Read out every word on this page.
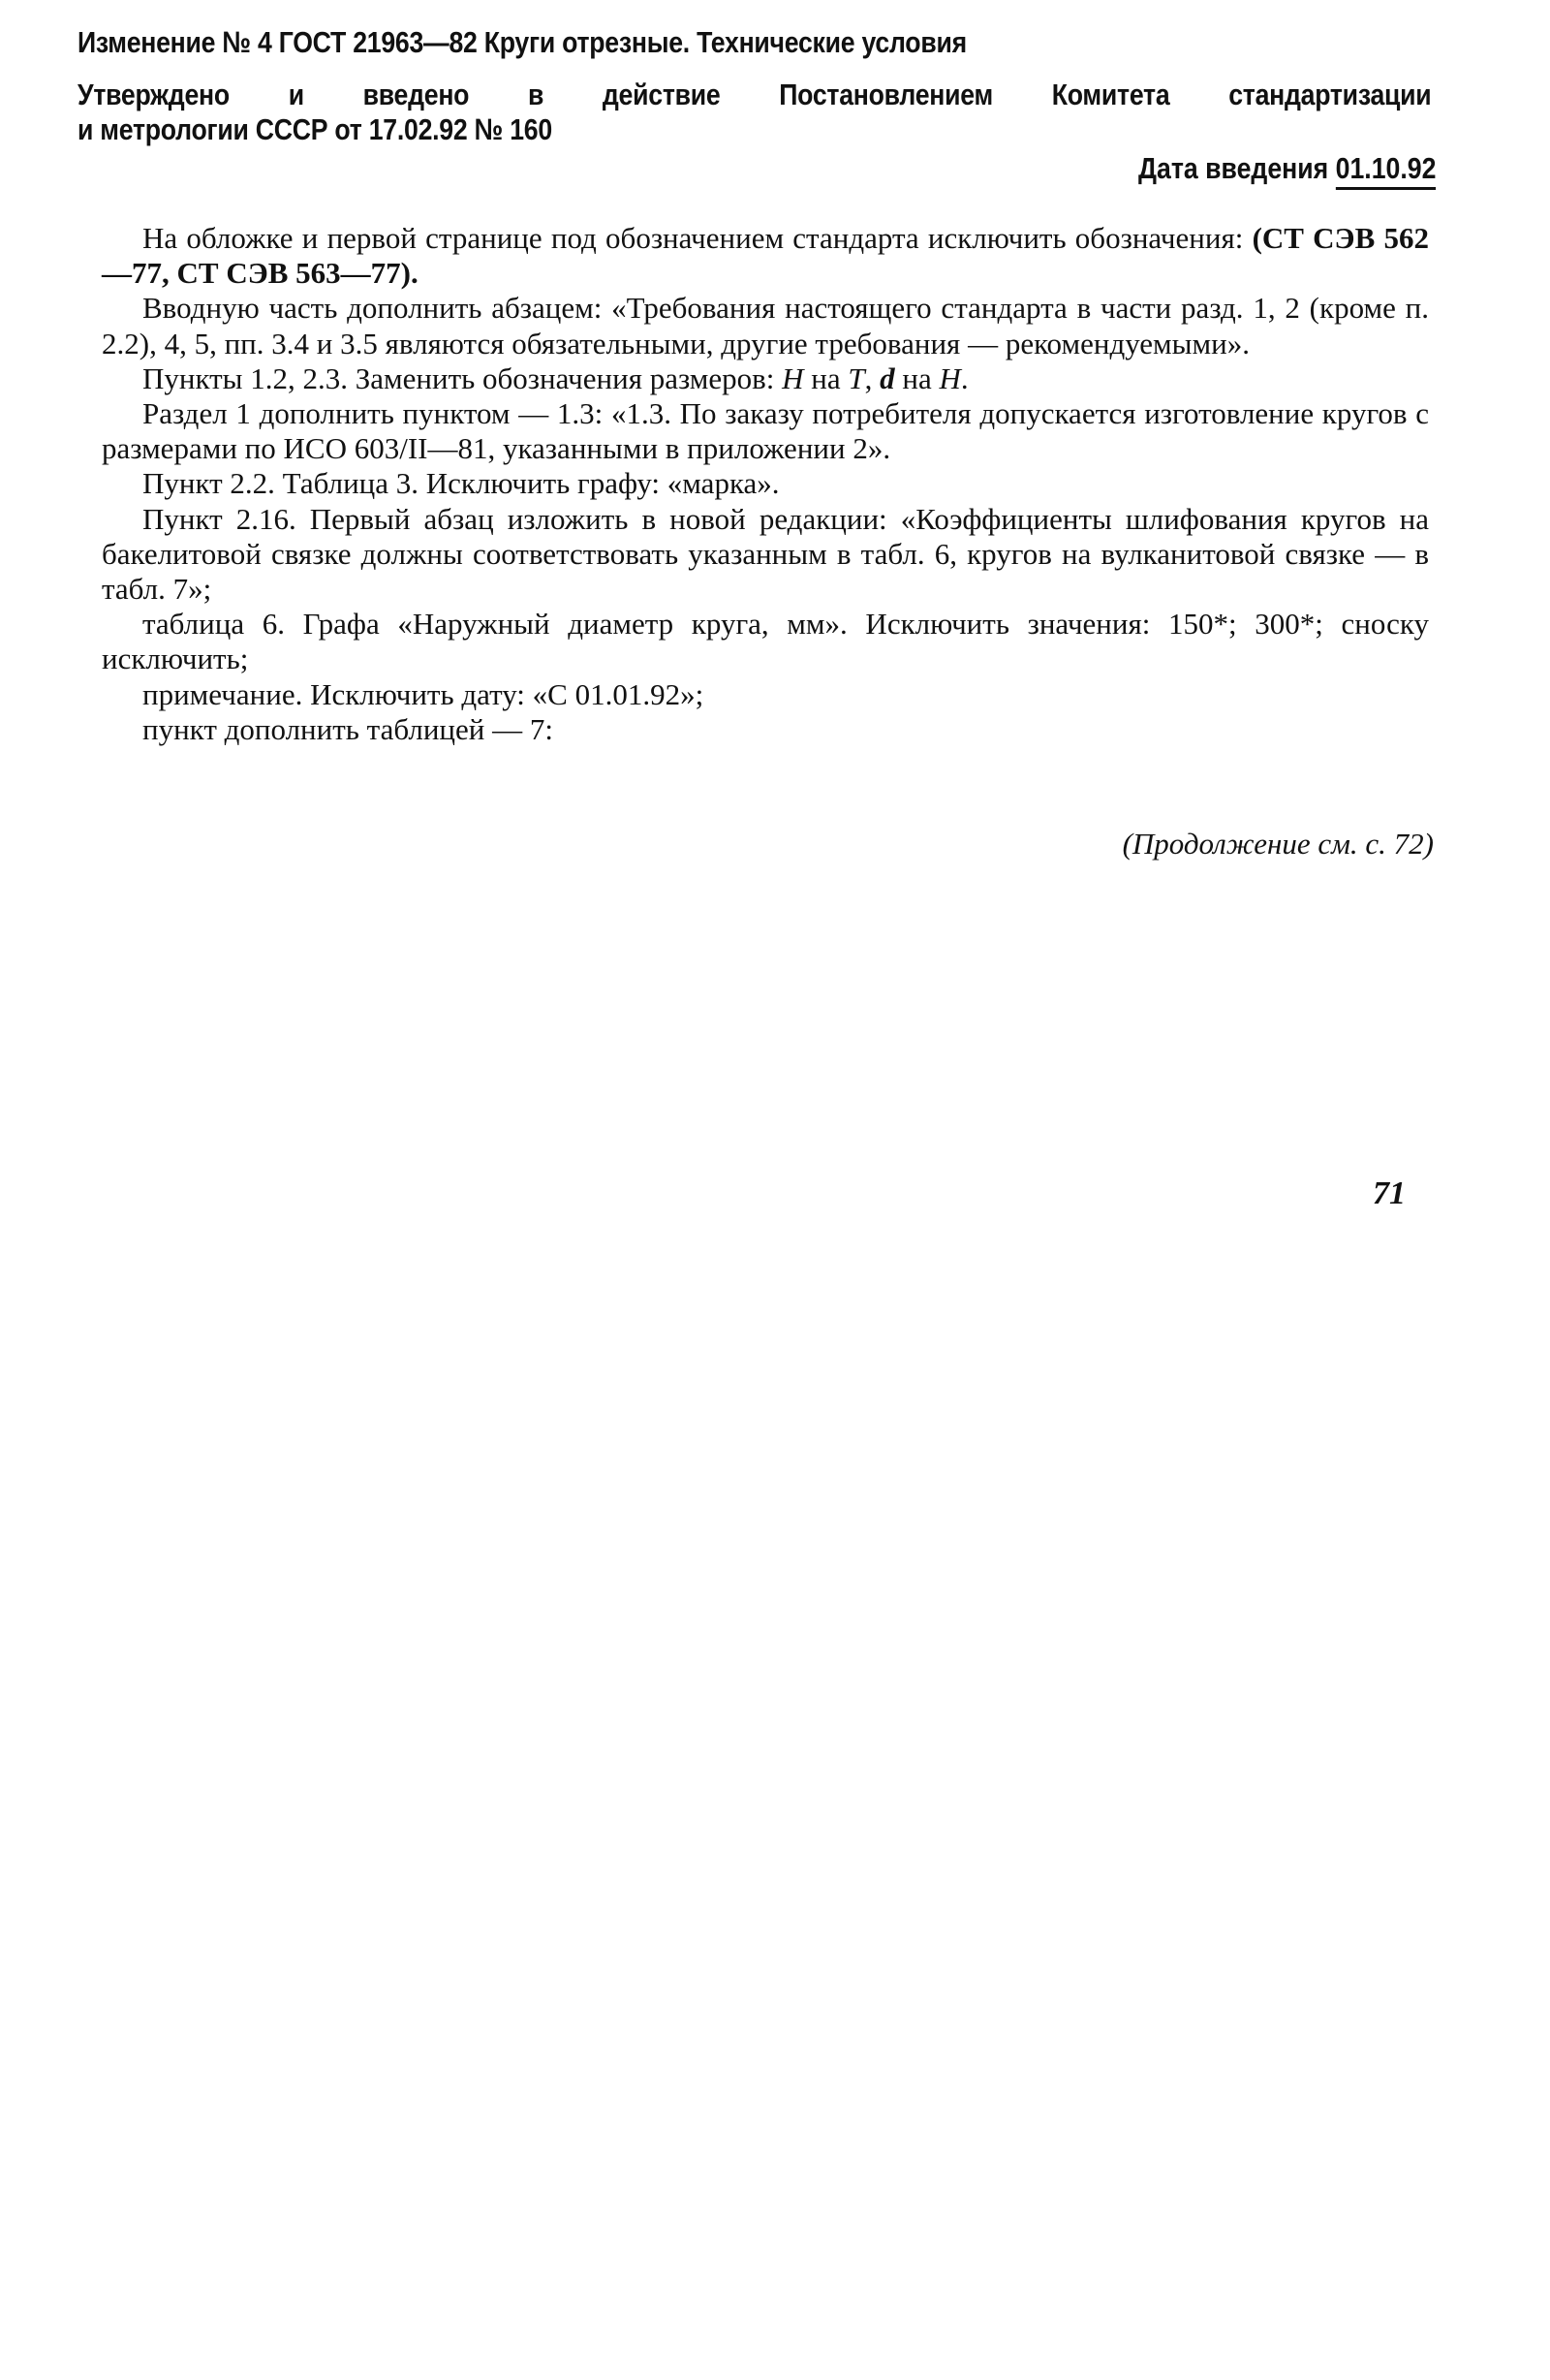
Изменение № 4 ГОСТ 21963—82 Круги отрезные. Технические условия
Утверждено и введено в действие Постановлением Комитета стандартизации
и метрологии СССР от 17.02.92 № 160
Дата введения 01.10.92

На обложке и первой странице под обозначением стандарта исключить обозначения: (СТ СЭВ 562—77, СТ СЭВ 563—77).

Вводную часть дополнить абзацем: «Требования настоящего стандарта в части разд. 1, 2 (кроме п. 2.2), 4, 5, пп. 3.4 и 3.5 являются обязательными, другие требования — рекомендуемыми».

Пункты 1.2, 2.3. Заменить обозначения размеров: H на T, d на H.

Раздел 1 дополнить пунктом — 1.3: «1.3. По заказу потребителя допускается изготовление кругов с размерами по ИСО 603/II—81, указанными в приложении 2».

Пункт 2.2. Таблица 3. Исключить графу: «марка».

Пункт 2.16. Первый абзац изложить в новой редакции: «Коэффициенты шлифования кругов на бакелитовой связке должны соответствовать указанным в табл. 6, кругов на вулканитовой связке — в табл. 7»;

таблица 6. Графа «Наружный диаметр круга, мм». Исключить значения: 150*; 300*; сноску исключить;

примечание. Исключить дату: «С 01.01.92»;

пункт дополнить таблицей — 7:

(Продолжение см. с. 72)
71
